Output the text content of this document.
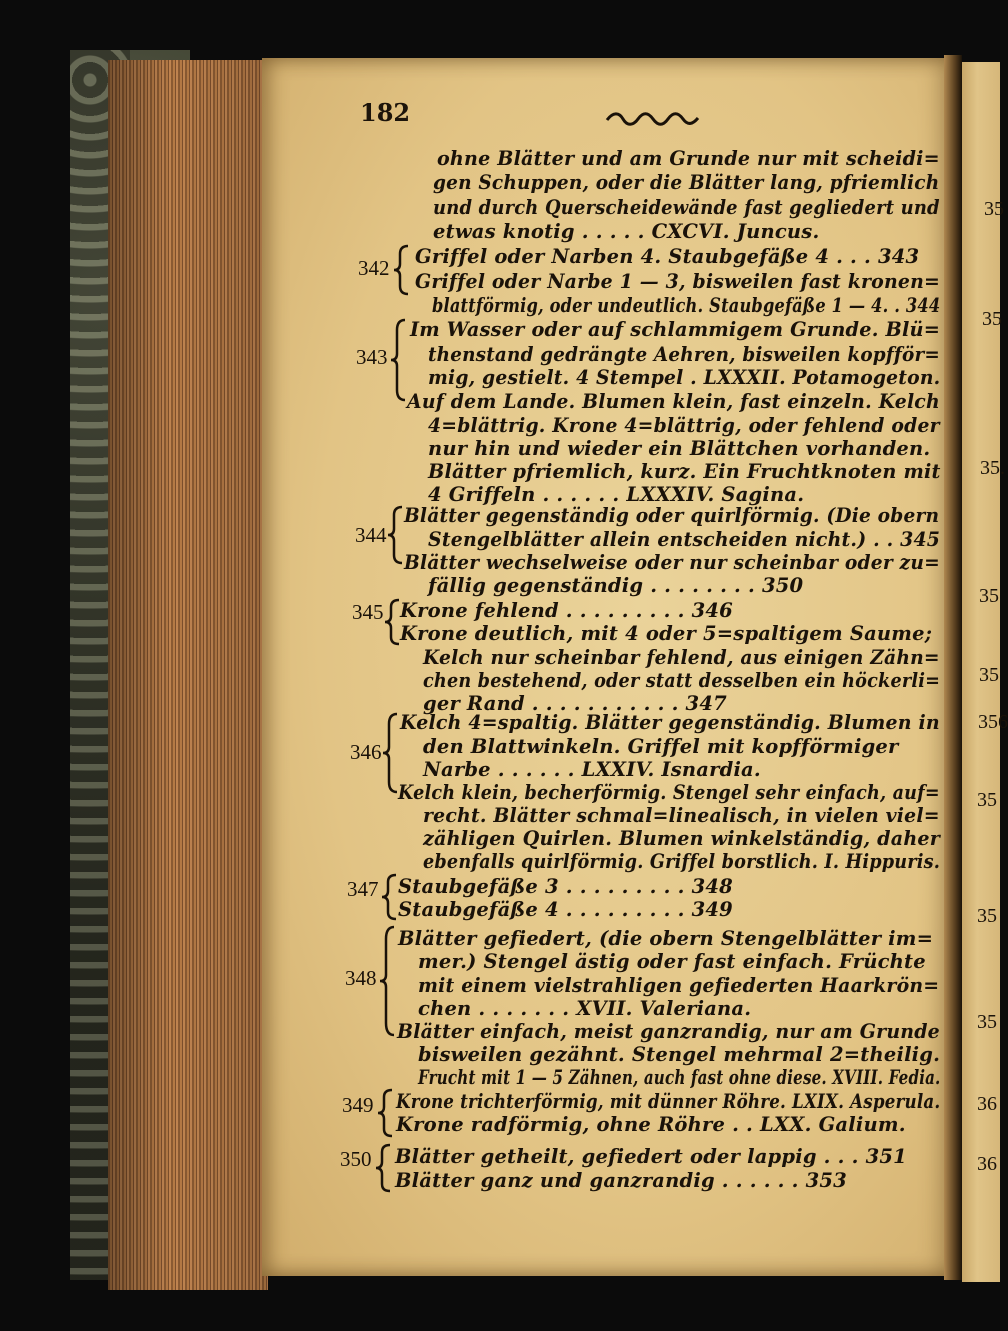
182
ohne Blätter und am Grunde nur mit scheidi=
gen Schuppen, oder die Blätter lang, pfriemlich
und durch Querscheidewände fast gegliedert und
etwas knotig . . . . . CXCVI. Juncus.
Griffel oder Narben 4. Staubgefäße 4 . . . 343
Griffel oder Narbe 1 — 3, bisweilen fast kronen=
blattförmig, oder undeutlich. Staubgefäße 1 — 4. . 344
Im Wasser oder auf schlammigem Grunde. Blü=
thenstand gedrängte Aehren, bisweilen kopfför=
mig, gestielt. 4 Stempel . LXXXII. Potamogeton.
Auf dem Lande. Blumen klein, fast einzeln. Kelch
4=blättrig. Krone 4=blättrig, oder fehlend oder
nur hin und wieder ein Blättchen vorhanden.
Blätter pfriemlich, kurz. Ein Fruchtknoten mit
4 Griffeln . . . . . . LXXXIV. Sagina.
Blätter gegenständig oder quirlförmig. (Die obern
Stengelblätter allein entscheiden nicht.) . . 345
Blätter wechselweise oder nur scheinbar oder zu=
fällig gegenständig . . . . . . . . 350
Krone fehlend . . . . . . . . . 346
Krone deutlich, mit 4 oder 5=spaltigem Saume;
Kelch nur scheinbar fehlend, aus einigen Zähn=
chen bestehend, oder statt desselben ein höckerli=
ger Rand . . . . . . . . . . . 347
Kelch 4=spaltig. Blätter gegenständig. Blumen in
den Blattwinkeln. Griffel mit kopfförmiger
Narbe . . . . . . LXXIV. Isnardia.
Kelch klein, becherförmig. Stengel sehr einfach, auf=
recht. Blätter schmal=linealisch, in vielen viel=
zähligen Quirlen. Blumen winkelständig, daher
ebenfalls quirlförmig. Griffel borstlich. I. Hippuris.
Staubgefäße 3 . . . . . . . . . 348
Staubgefäße 4 . . . . . . . . . 349
Blätter gefiedert, (die obern Stengelblätter im=
mer.) Stengel ästig oder fast einfach. Früchte
mit einem vielstrahligen gefiederten Haarkrön=
chen . . . . . . . XVII. Valeriana.
Blätter einfach, meist ganzrandig, nur am Grunde
bisweilen gezähnt. Stengel mehrmal 2=theilig.
Frucht mit 1 — 5 Zähnen, auch fast ohne diese. XVIII. Fedia.
Krone trichterförmig, mit dünner Röhre. LXIX. Asperula.
Krone radförmig, ohne Röhre . . LXX. Galium.
Blätter getheilt, gefiedert oder lappig . . . 351
Blätter ganz und ganzrandig . . . . . . 353
342
343
344
345
346
347
348
349
350
35
35
35.
35
35
356
35
35
35
36
36
